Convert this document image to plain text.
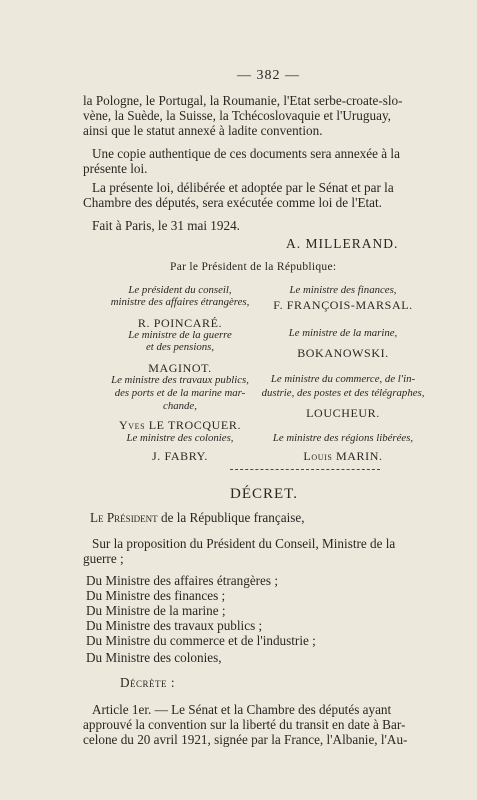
— 382 —
la Pologne, le Portugal, la Roumanie, l'Etat serbe-croate-slo-
vène, la Suède, la Suisse, la Tchécoslovaquie et l'Uruguay,
ainsi que le statut annexé à ladite convention.
Une copie authentique de ces documents sera annexée à la
présente loi.
La présente loi, délibérée et adoptée par le Sénat et par la
Chambre des députés, sera exécutée comme loi de l'Etat.
Fait à Paris, le 31 mai 1924.
A. MILLERAND.
Par le Président de la République:
Le président du conseil,
ministre des affaires étrangères,
R. POINCARÉ.
Le ministre de la guerre
et des pensions,
MAGINOT.
Le ministre des travaux publics,
des ports et de la marine mar-
chande,
Yves LE TROCQUER.
Le ministre des colonies,
J. FABRY.
Le ministre des finances,
F. FRANÇOIS-MARSAL.
Le ministre de la marine,
BOKANOWSKI.
Le ministre du commerce, de l'in-
dustrie, des postes et des télégraphes,
LOUCHEUR.
Le ministre des régions libérées,
Louis MARIN.
DÉCRET.
Le Président de la République française,
Sur la proposition du Président du Conseil, Ministre de la
guerre ;
Du Ministre des affaires étrangères ;
Du Ministre des finances ;
Du Ministre de la marine ;
Du Ministre des travaux publics ;
Du Ministre du commerce et de l'industrie ;
Du Ministre des colonies,
Décrète :
Article 1er. — Le Sénat et la Chambre des députés ayant
approuvé la convention sur la liberté du transit en date à Bar-
celone du 20 avril 1921, signée par la France, l'Albanie, l'Au-
